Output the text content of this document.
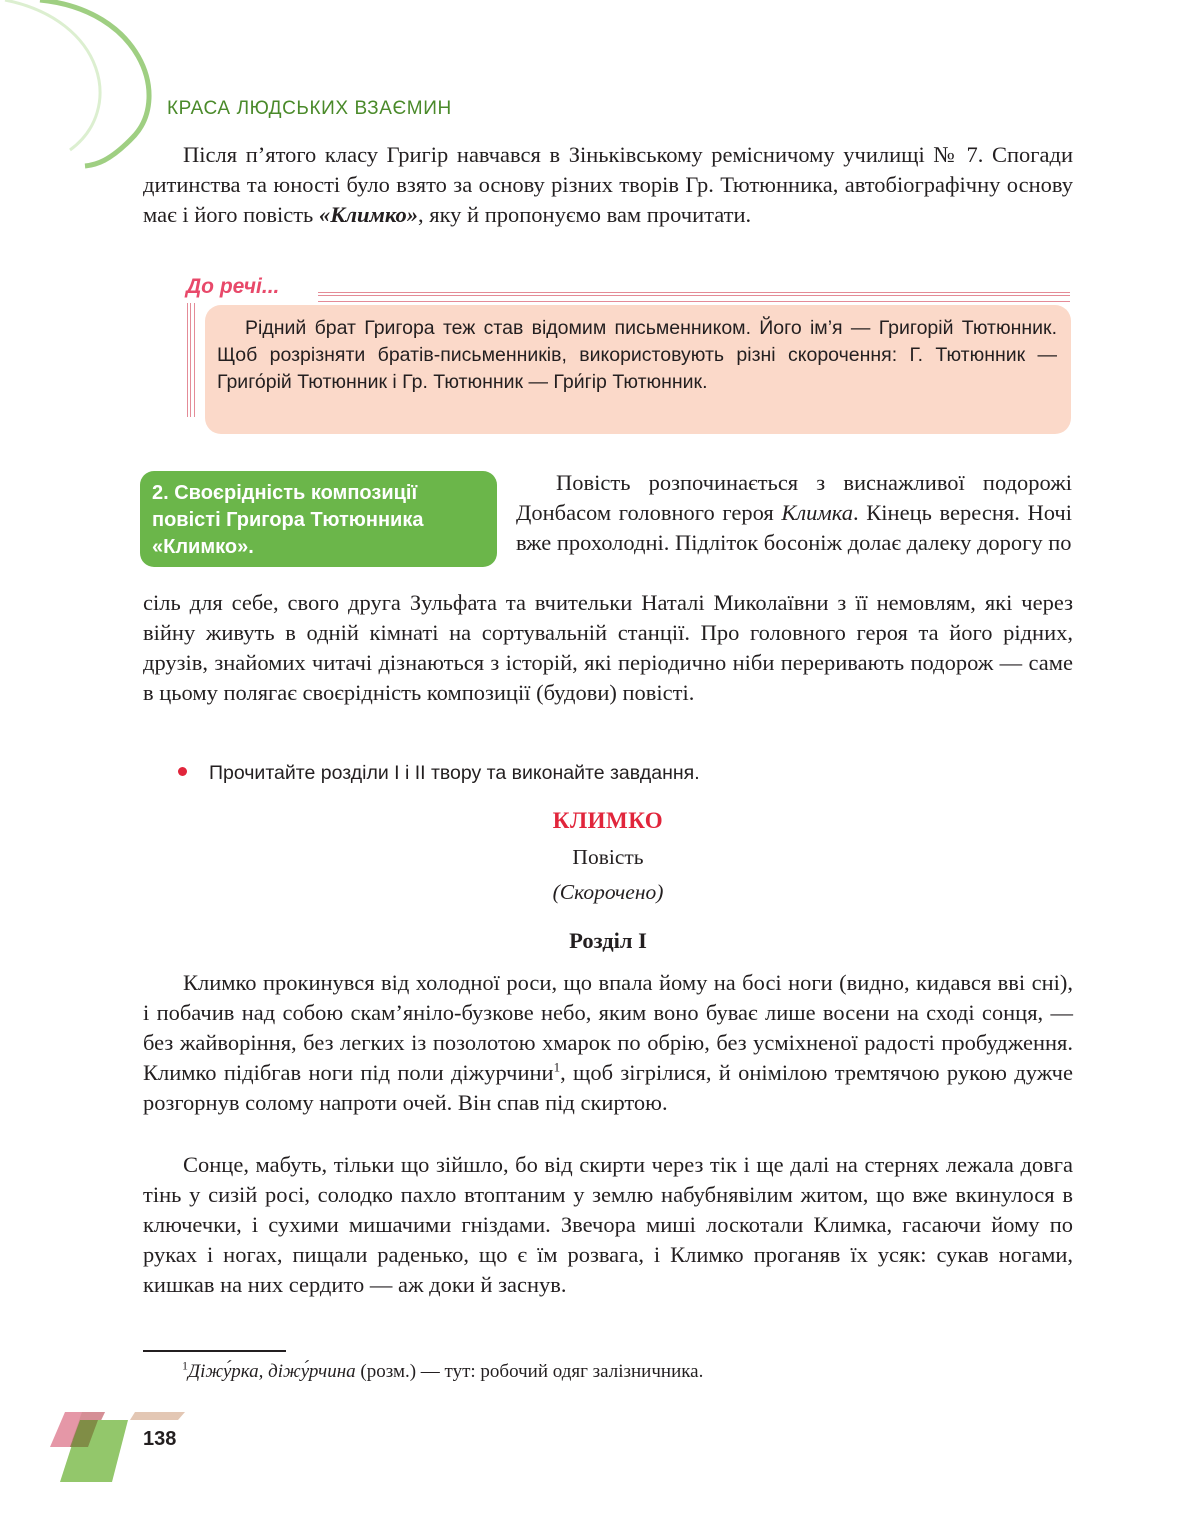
КРАСА ЛЮДСЬКИХ ВЗАЄМИН

Після п’ятого класу Григір навчався в Зіньківському ремісничому училищі № 7. Спогади дитинства та юності було взято за основу різних творів Гр. Тютюнника, автобіографічну основу має і його повість «Климко», яку й пропонуємо вам прочитати.

До речі...
Рідний брат Григора теж став відомим письменником. Його ім’я — Григорій Тютюнник. Щоб розрізняти братів-письменників, використовують різні скорочення: Г. Тютюнник — Григо́рій Тютюнник і Гр. Тютюнник — Гри́гір Тютюнник.
2. Своєрідність композиції повісті Григора Тютюнника «Климко».

Повість розпочинається з виснажливої подорожі Донбасом головного героя Климка. Кінець вересня. Ночі вже прохолодні. Підліток босоніж долає далеку дорогу по

сіль для себе, свого друга Зульфата та вчительки Наталі Миколаївни з її немовлям, які через війну живуть в одній кімнаті на сортувальній станції. Про головного героя та його рідних, друзів, знайомих читачі дізнаються з історій, які періодично ніби переривають подорож — саме в цьому полягає своєрідність композиції (будови) повісті.

Прочитайте розділи І і ІІ твору та виконайте завдання.

КЛИМКО

Повість

(Скорочено)

Розділ І

Климко прокинувся від холодної роси, що впала йому на босі ноги (видно, кидався вві сні), і побачив над собою скам’яніло-бузкове небо, яким воно буває лише восени на сході сонця, — без жайворіння, без легких із позолотою хмарок по обрію, без усміхненої радості пробудження. Климко підібгав ноги під поли діжурчини$^1$, щоб зігрілися, й онімілою тремтячою рукою дужче розгорнув солому напроти очей. Він спав під скиртою.

Сонце, мабуть, тільки що зійшло, бо від скирти через тік і ще далі на стернях лежала довга тінь у сизій росі, солодко пахло втоптаним у землю набубнявілим житом, що вже вкинулося в ключечки, і сухими мишачими гніздами. Звечора миші лоскотали Климка, гасаючи йому по руках і ногах, пищали раденько, що є їм розвага, і Климко проганяв їх усяк: сукав ногами, кишкав на них сердито — аж доки й заснув.

$^1$Діжу́рка, діжу́рчина (розм.) — тут: робочий одяг залізничника.
138
